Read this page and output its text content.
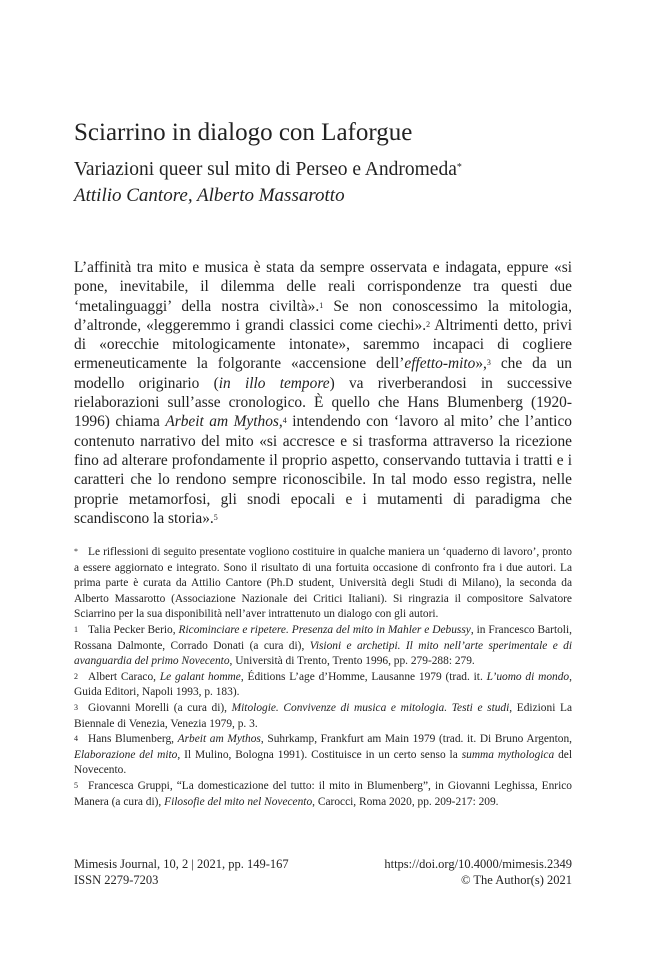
Sciarrino in dialogo con Laforgue
Variazioni queer sul mito di Perseo e Andromeda*
Attilio Cantore, Alberto Massarotto

L’affinità tra mito e musica è stata da sempre osservata e indagata, eppure «si pone, inevitabile, il dilemma delle reali corrispondenze tra questi due ‘metalinguaggi’ della nostra civiltà».$^1$ Se non conoscessimo la mitologia, d’altronde, «leggeremmo i grandi classici come ciechi».$^2$ Altrimenti detto, privi di «orecchie mitologicamente intonate», saremmo incapaci di cogliere ermeneuticamente la folgorante «accensione dell’effetto-mito»,$^3$ che da un modello originario (in illo tempore) va riverberandosi in successive rielaborazioni sull’asse cronologico. È quello che Hans Blumenberg (1920-1996) chiama Arbeit am Mythos,$^4$ intendendo con ‘lavoro al mito’ che l’antico contenuto narrativo del mito «si accresce e si trasforma attraverso la ricezione fino ad alterare profondamente il proprio aspetto, conservando tuttavia i tratti e i caratteri che lo rendono sempre riconoscibile. In tal modo esso registra, nelle proprie metamorfosi, gli snodi epocali e i mutamenti di paradigma che scandiscono la storia».$^5$

* Le riflessioni di seguito presentate vogliono costituire in qualche maniera un ‘quaderno di lavoro’, pronto a essere aggiornato e integrato. Sono il risultato di una fortuita occasione di confronto fra i due autori. La prima parte è curata da Attilio Cantore (Ph.D student, Università degli Studi di Milano), la seconda da Alberto Massarotto (Associazione Nazionale dei Critici Italiani). Si ringrazia il compositore Salvatore Sciarrino per la sua disponibilità nell’aver intrattenuto un dialogo con gli autori.

1 Talia Pecker Berio, Ricominciare e ripetere. Presenza del mito in Mahler e Debussy, in Francesco Bartoli, Rossana Dalmonte, Corrado Donati (a cura di), Visioni e archetipi. Il mito nell’arte sperimentale e di avanguardia del primo Novecento, Università di Trento, Trento 1996, pp. 279-288: 279.

2 Albert Caraco, Le galant homme, Éditions L’age d’Homme, Lausanne 1979 (trad. it. L’uomo di mondo, Guida Editori, Napoli 1993, p. 183).

3 Giovanni Morelli (a cura di), Mitologie. Convivenze di musica e mitologia. Testi e studi, Edizioni La Biennale di Venezia, Venezia 1979, p. 3.

4 Hans Blumenberg, Arbeit am Mythos, Suhrkamp, Frankfurt am Main 1979 (trad. it. Di Bruno Argenton, Elaborazione del mito, Il Mulino, Bologna 1991). Costituisce in un certo senso la summa mythologica del Novecento.

5 Francesca Gruppi, “La domesticazione del tutto: il mito in Blumenberg”, in Giovanni Leghissa, Enrico Manera (a cura di), Filosofie del mito nel Novecento, Carocci, Roma 2020, pp. 209-217: 209.

Mimesis Journal, 10, 2 | 2021, pp. 149-167
ISSN 2279-7203
https://doi.org/10.4000/mimesis.2349
© The Author(s) 2021
